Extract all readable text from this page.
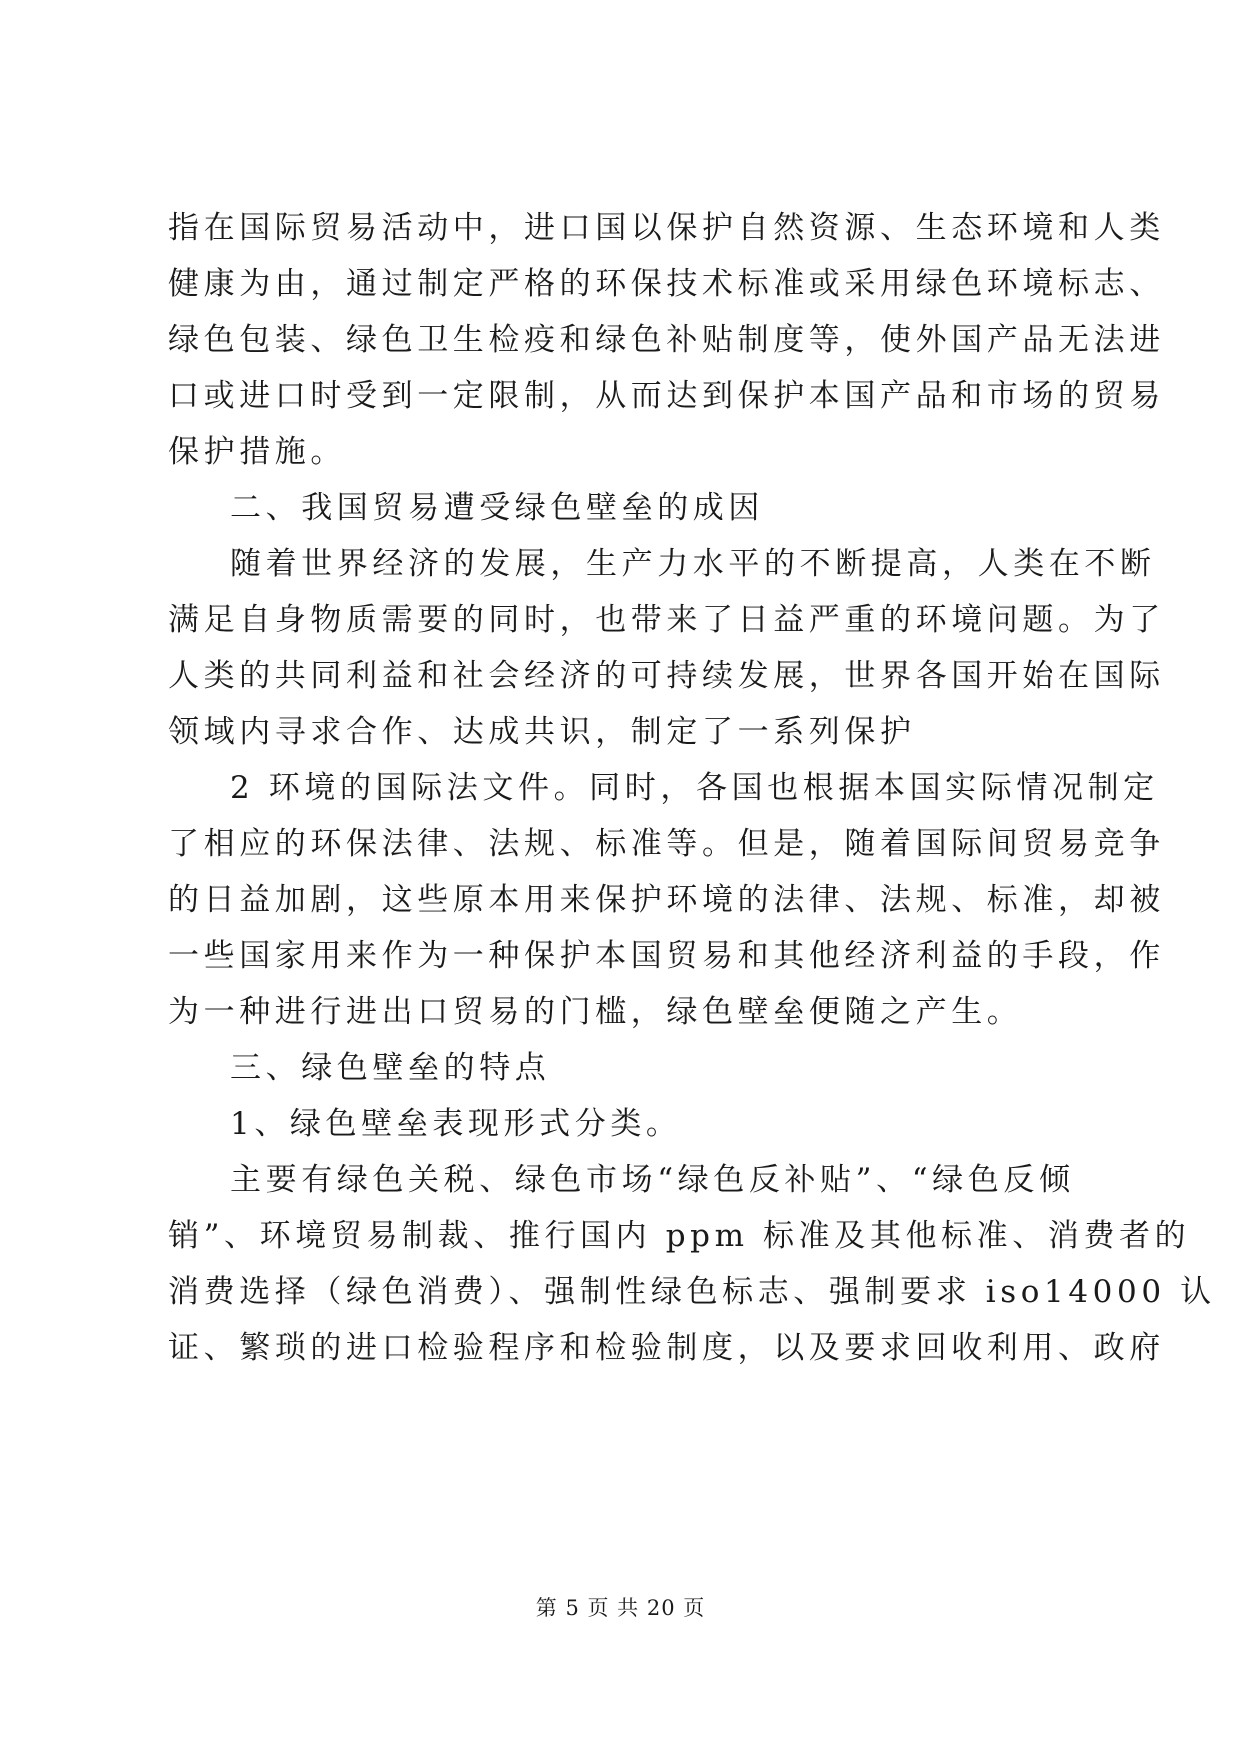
指在国际贸易活动中，进口国以保护自然资源、生态环境和人类
健康为由，通过制定严格的环保技术标准或采用绿色环境标志、
绿色包装、绿色卫生检疫和绿色补贴制度等，使外国产品无法进
口或进口时受到一定限制，从而达到保护本国产品和市场的贸易
保护措施。
二、我国贸易遭受绿色壁垒的成因
随着世界经济的发展，生产力水平的不断提高，人类在不断
满足自身物质需要的同时，也带来了日益严重的环境问题。为了
人类的共同利益和社会经济的可持续发展，世界各国开始在国际
领域内寻求合作、达成共识，制定了一系列保护
2 环境的国际法文件。同时，各国也根据本国实际情况制定
了相应的环保法律、法规、标准等。但是，随着国际间贸易竞争
的日益加剧，这些原本用来保护环境的法律、法规、标准，却被
一些国家用来作为一种保护本国贸易和其他经济利益的手段，作
为一种进行进出口贸易的门槛，绿色壁垒便随之产生。
三、绿色壁垒的特点
1、绿色壁垒表现形式分类。
主要有绿色关税、绿色市场“绿色反补贴”、“绿色反倾
销”、环境贸易制裁、推行国内 ppm 标准及其他标准、消费者的
消费选择（绿色消费）、强制性绿色标志、强制要求 iso14000 认
证、繁琐的进口检验程序和检验制度，以及要求回收利用、政府
第 5 页 共 20 页
